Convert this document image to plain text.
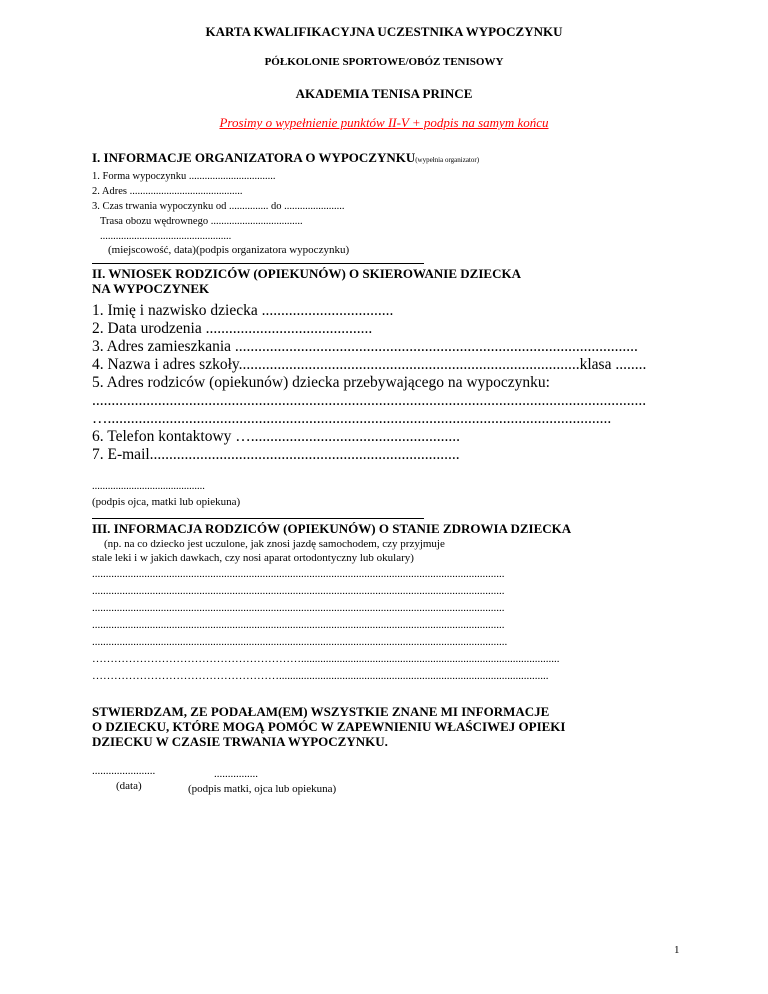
KARTA KWALIFIKACYJNA UCZESTNIKA WYPOCZYNKU
PÓŁKOLONIE SPORTOWE/OBÓZ TENISOWY
AKADEMIA TENISA PRINCE
Prosimy o wypełnienie punktów II-V + podpis na samym końcu
I. INFORMACJE ORGANIZATORA O WYPOCZYNKU(wypełnia organizator)
1. Forma wypoczynku .................................
2. Adres ...........................................
3. Czas trwania wypoczynku od ............... do .......................
Trasa obozu wędrownego ...................................
..................................................
(miejscowość, data)(podpis organizatora wypoczynku)
II. WNIOSEK RODZICÓW (OPIEKUNÓW) O SKIEROWANIE DZIECKA
NA WYPOCZYNEK
1. Imię i nazwisko dziecka ..................................
2. Data urodzenia ...........................................
3. Adres zamieszkania ........................................................................................................
4. Nazwa i adres szkoły........................................................................................klasa ........
5. Adres rodziców (opiekunów) dziecka przebywającego na wypoczynku:
...............................................................................................................................................
…..................................................................................................................................
6. Telefon kontaktowy …......................................................
7. E-mail................................................................................
...........................................
(podpis ojca, matki lub opiekuna)
III. INFORMACJA RODZICÓW (OPIEKUNÓW) O STANIE ZDROWIA DZIECKA
(np. na co dziecko jest uczulone, jak znosi jazdę samochodem, czy przyjmuje
stale leki i w jakich dawkach, czy nosi aparat ortodontyczny lub okulary)
......................................................................................................................................................
......................................................................................................................................................
......................................................................................................................................................
......................................................................................................................................................
.......................................................................................................................................................
…………………………………………………..............................................................................................
……………………………………………..................................................................................................
STWIERDZAM, ZE PODAŁAM(EM) WSZYSTKIE ZNANE MI INFORMACJE
O DZIECKU, KTÓRE MOGĄ POMÓC W ZAPEWNIENIU WŁAŚCIWEJ OPIEKI
DZIECKU W CZASIE TRWANIA WYPOCZYNKU.
.......................
(data)
................
(podpis matki, ojca lub opiekuna)
1
